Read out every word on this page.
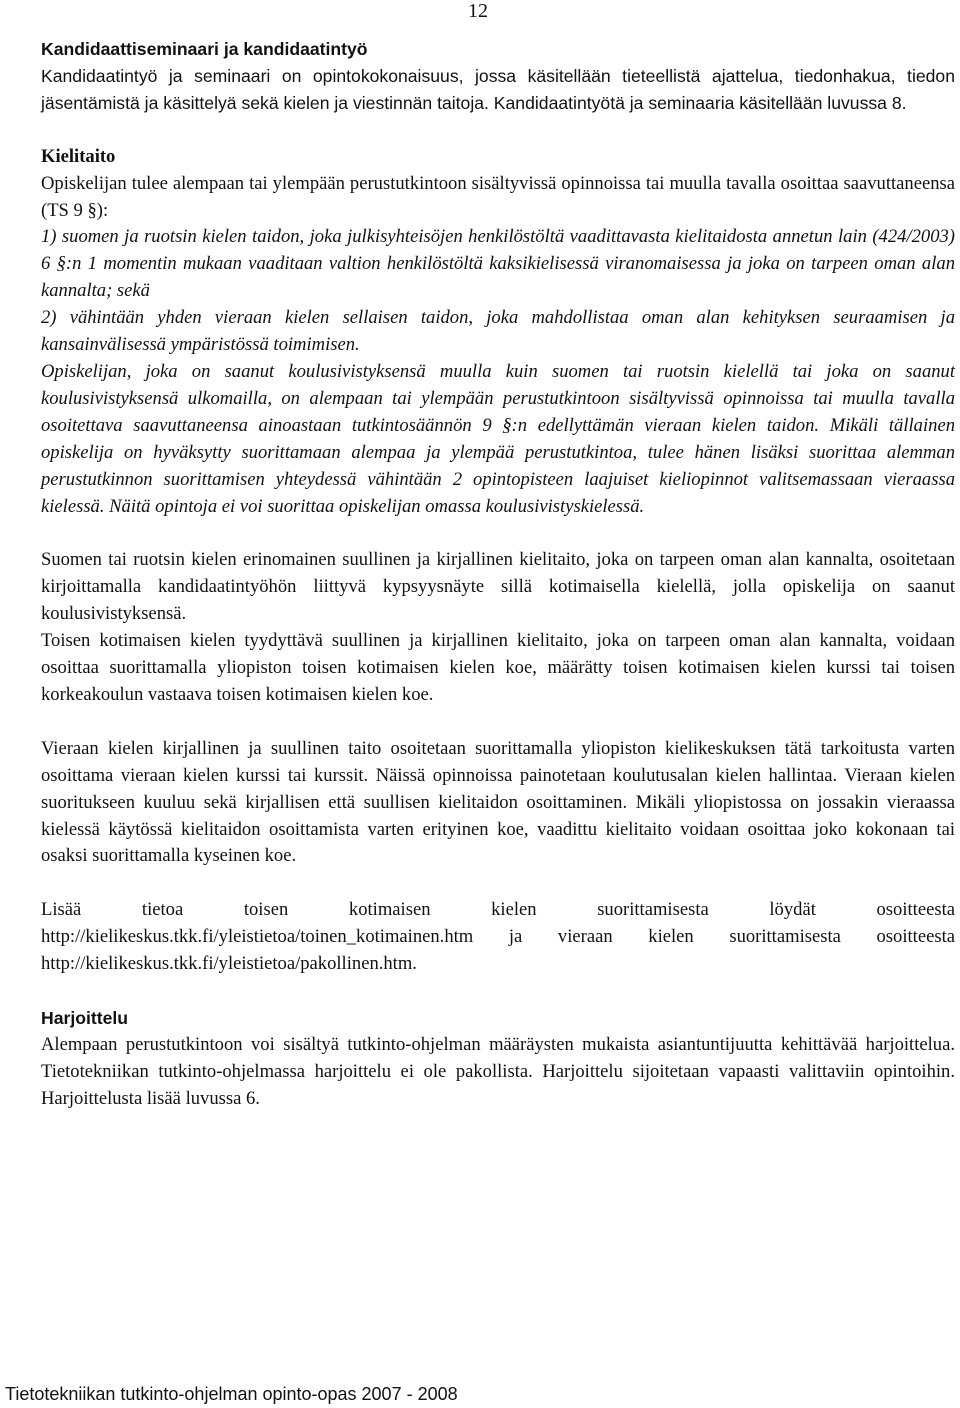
12

Kandidaattiseminaari ja kandidaatintyö

Kandidaatintyö ja seminaari on opintokokonaisuus, jossa käsitellään tieteellistä ajattelua, tiedonhakua, tiedon jäsentämistä ja käsittelyä sekä kielen ja viestinnän taitoja. Kandidaatintyötä ja seminaaria käsitellään luvussa 8.

Kielitaito

Opiskelijan tulee alempaan tai ylempään perustutkintoon sisältyvissä opinnoissa tai muulla tavalla osoittaa saavuttaneensa (TS 9 §):

1) suomen ja ruotsin kielen taidon, joka julkisyhteisöjen henkilöstöltä vaadittavasta kielitaidosta annetun lain (424/2003) 6 §:n 1 momentin mukaan vaaditaan valtion henkilöstöltä kaksikielisessä viranomaisessa ja joka on tarpeen oman alan kannalta; sekä

2) vähintään yhden vieraan kielen sellaisen taidon, joka mahdollistaa oman alan kehityksen seuraamisen ja kansainvälisessä ympäristössä toimimisen.

Opiskelijan, joka on saanut koulusivistyksensä muulla kuin suomen tai ruotsin kielellä tai joka on saanut koulusivistyksensä ulkomailla, on alempaan tai ylempään perustutkintoon sisältyvissä opinnoissa tai muulla tavalla osoitettava saavuttaneensa ainoastaan tutkintosäännön 9 §:n edellyttämän vieraan kielen taidon. Mikäli tällainen opiskelija on hyväksytty suorittamaan alempaa ja ylempää perustutkintoa, tulee hänen lisäksi suorittaa alemman perustutkinnon suorittamisen yhteydessä vähintään 2 opintopisteen laajuiset kieliopinnot valitsemassaan vieraassa kielessä. Näitä opintoja ei voi suorittaa opiskelijan omassa koulusivistyskielessä.

Suomen tai ruotsin kielen erinomainen suullinen ja kirjallinen kielitaito, joka on tarpeen oman alan kannalta, osoitetaan kirjoittamalla kandidaatintyöhön liittyvä kypsyysnäyte sillä kotimaisella kielellä, jolla opiskelija on saanut koulusivistyksensä.

Toisen kotimaisen kielen tyydyttävä suullinen ja kirjallinen kielitaito, joka on tarpeen oman alan kannalta, voidaan osoittaa suorittamalla yliopiston toisen kotimaisen kielen koe, määrätty toisen kotimaisen kielen kurssi tai toisen korkeakoulun vastaava toisen kotimaisen kielen koe.

Vieraan kielen kirjallinen ja suullinen taito osoitetaan suorittamalla yliopiston kielikeskuksen tätä tarkoitusta varten osoittama vieraan kielen kurssi tai kurssit. Näissä opinnoissa painotetaan koulutusalan kielen hallintaa. Vieraan kielen suoritukseen kuuluu sekä kirjallisen että suullisen kielitaidon osoittaminen. Mikäli yliopistossa on jossakin vieraassa kielessä käytössä kielitaidon osoittamista varten erityinen koe, vaadittu kielitaito voidaan osoittaa joko kokonaan tai osaksi suorittamalla kyseinen koe.

Lisää tietoa toisen kotimaisen kielen suorittamisesta löydät osoitteesta http://kielikeskus.tkk.fi/yleistietoa/toinen_kotimainen.htm ja vieraan kielen suorittamisesta osoitteesta http://kielikeskus.tkk.fi/yleistietoa/pakollinen.htm.

Harjoittelu

Alempaan perustutkintoon voi sisältyä tutkinto-ohjelman määräysten mukaista asiantuntijuutta kehittävää harjoittelua. Tietotekniikan tutkinto-ohjelmassa harjoittelu ei ole pakollista. Harjoittelu sijoitetaan vapaasti valittaviin opintoihin. Harjoittelusta lisää luvussa 6.

Tietotekniikan tutkinto-ohjelman opinto-opas 2007 - 2008
